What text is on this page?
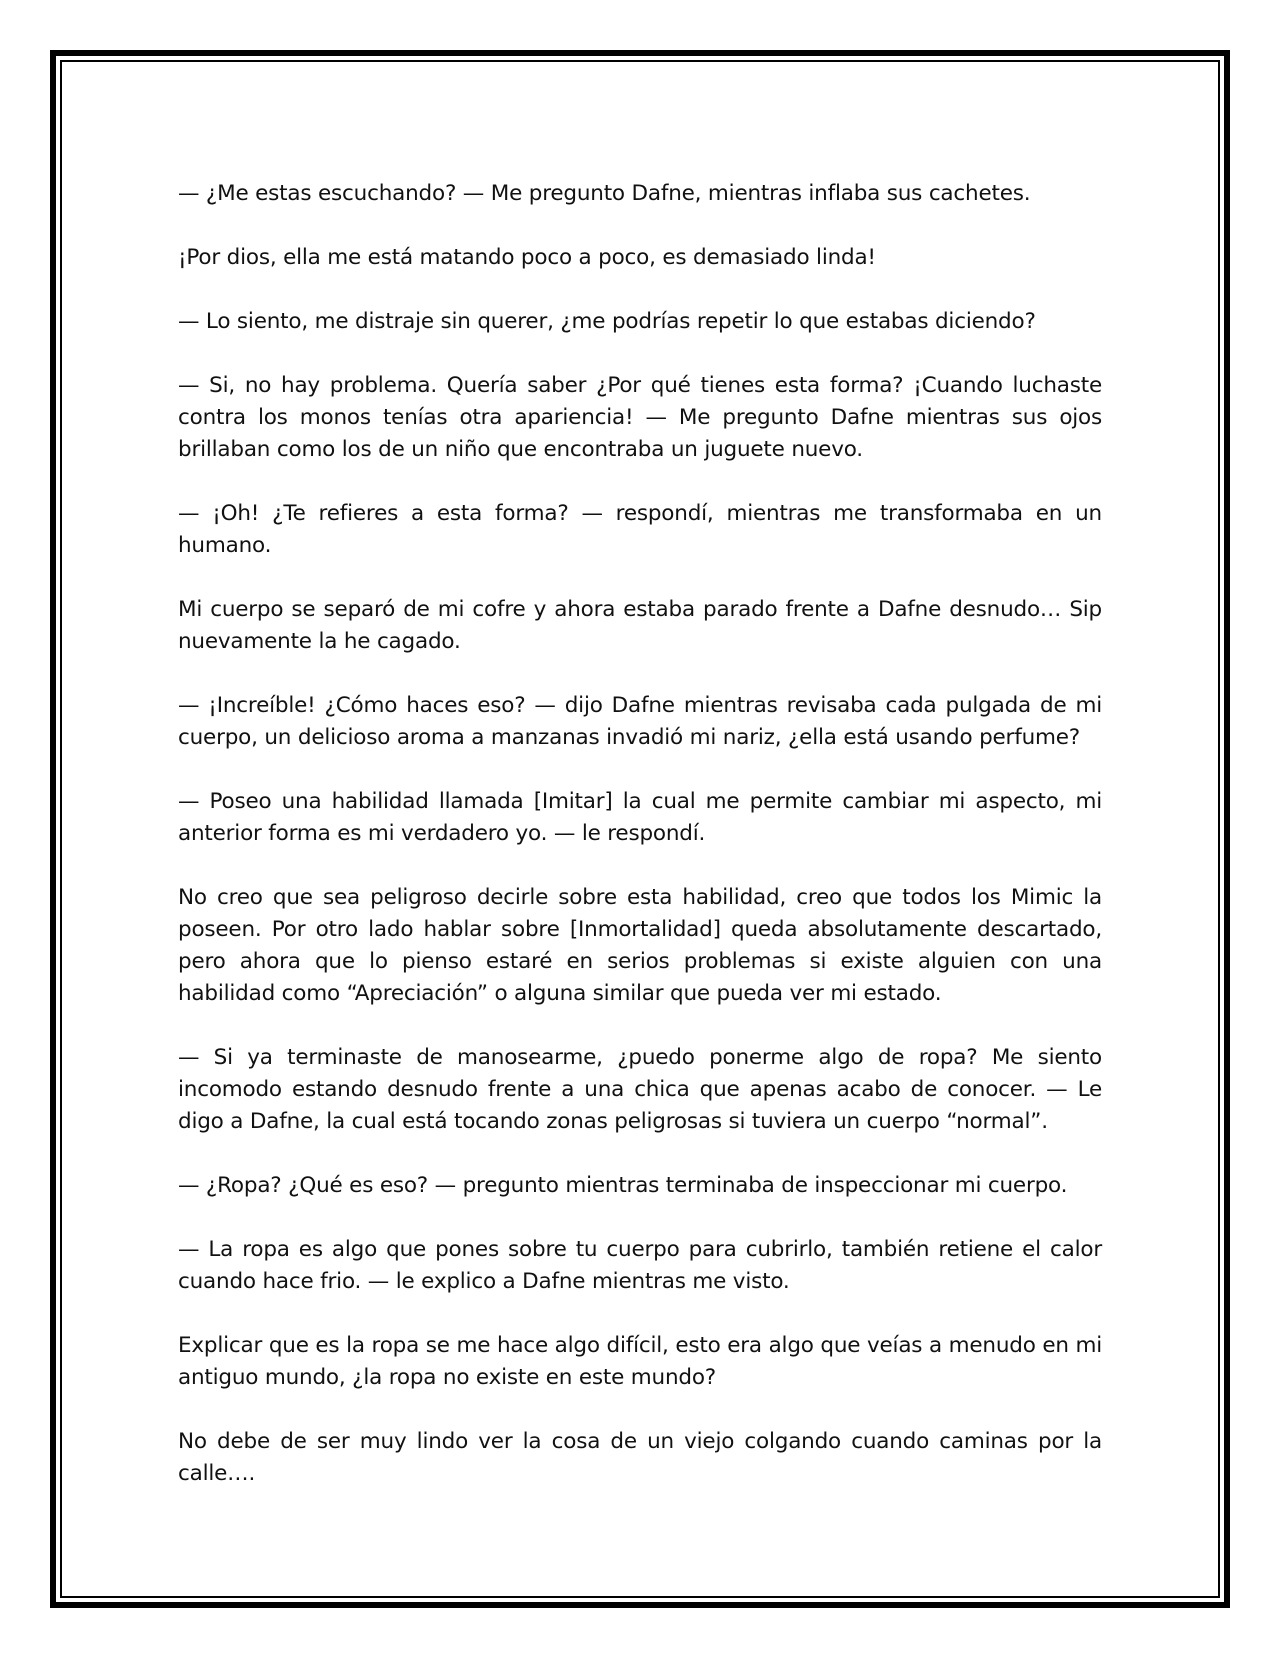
— ¿Me estas escuchando? — Me pregunto Dafne, mientras inflaba sus cachetes.

¡Por dios, ella me está matando poco a poco, es demasiado linda!

— Lo siento, me distraje sin querer, ¿me podrías repetir lo que estabas diciendo?

— Si, no hay problema. Quería saber ¿Por qué tienes esta forma? ¡Cuando luchaste contra los monos tenías otra apariencia! — Me pregunto Dafne mientras sus ojos brillaban como los de un niño que encontraba un juguete nuevo.

— ¡Oh! ¿Te refieres a esta forma? — respondí, mientras me transformaba en un humano.

Mi cuerpo se separó de mi cofre y ahora estaba parado frente a Dafne desnudo… Sip nuevamente la he cagado.

— ¡Increíble! ¿Cómo haces eso? — dijo Dafne mientras revisaba cada pulgada de mi cuerpo, un delicioso aroma a manzanas invadió mi nariz, ¿ella está usando perfume?

— Poseo una habilidad llamada [Imitar] la cual me permite cambiar mi aspecto, mi anterior forma es mi verdadero yo. — le respondí.

No creo que sea peligroso decirle sobre esta habilidad, creo que todos los Mimic la poseen. Por otro lado hablar sobre [Inmortalidad] queda absolutamente descartado, pero ahora que lo pienso estaré en serios problemas si existe alguien con una habilidad como “Apreciación” o alguna similar que pueda ver mi estado.

— Si ya terminaste de manosearme, ¿puedo ponerme algo de ropa? Me siento incomodo estando desnudo frente a una chica que apenas acabo de conocer. — Le digo a Dafne, la cual está tocando zonas peligrosas si tuviera un cuerpo “normal”.

— ¿Ropa? ¿Qué es eso? — pregunto mientras terminaba de inspeccionar mi cuerpo.

— La ropa es algo que pones sobre tu cuerpo para cubrirlo, también retiene el calor cuando hace frio. — le explico a Dafne mientras me visto.

Explicar que es la ropa se me hace algo difícil, esto era algo que veías a menudo en mi antiguo mundo, ¿la ropa no existe en este mundo?

No debe de ser muy lindo ver la cosa de un viejo colgando cuando caminas por la calle….
